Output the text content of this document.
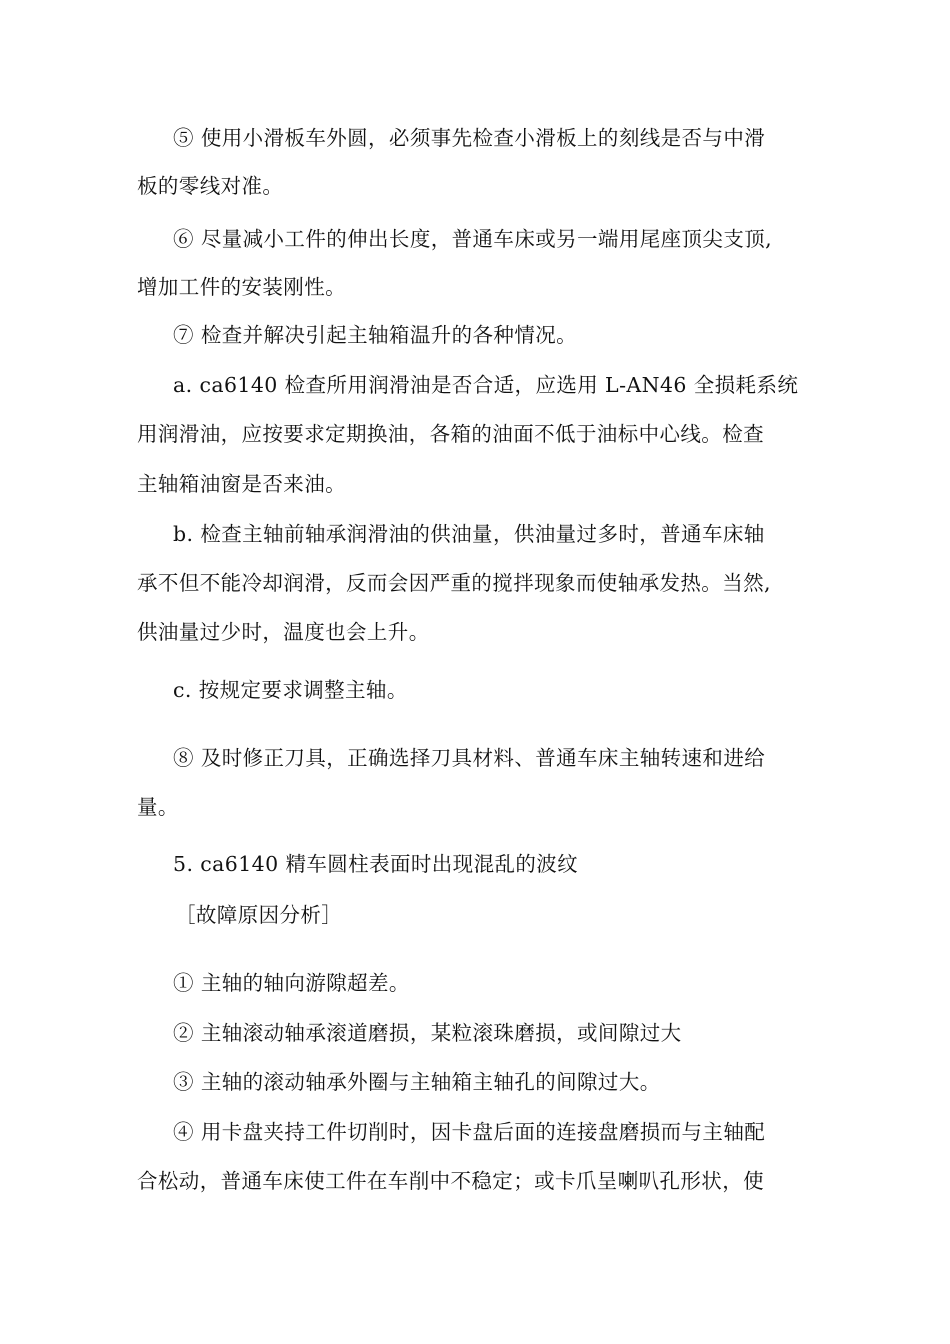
⑤ 使用小滑板车外圆，必须事先检查小滑板上的刻线是否与中滑
板的零线对准。
⑥ 尽量减小工件的伸出长度，普通车床或另一端用尾座顶尖支顶,
增加工件的安装刚性。
⑦ 检查并解决引起主轴箱温升的各种情况。
a. ca6140 检查所用润滑油是否合适，应选用 L-AN46 全损耗系统
用润滑油，应按要求定期换油，各箱的油面不低于油标中心线。检查
主轴箱油窗是否来油。
b. 检查主轴前轴承润滑油的供油量，供油量过多时，普通车床轴
承不但不能冷却润滑，反而会因严重的搅拌现象而使轴承发热。当然,
供油量过少时，温度也会上升。
c. 按规定要求调整主轴。
⑧ 及时修正刀具，正确选择刀具材料、普通车床主轴转速和进给
量。
5. ca6140 精车圆柱表面时出现混乱的波纹
［故障原因分析］
① 主轴的轴向游隙超差。
② 主轴滚动轴承滚道磨损，某粒滚珠磨损，或间隙过大
③ 主轴的滚动轴承外圈与主轴箱主轴孔的间隙过大。
④ 用卡盘夹持工件切削时，因卡盘后面的连接盘磨损而与主轴配
合松动，普通车床使工件在车削中不稳定；或卡爪呈喇叭孔形状，使
